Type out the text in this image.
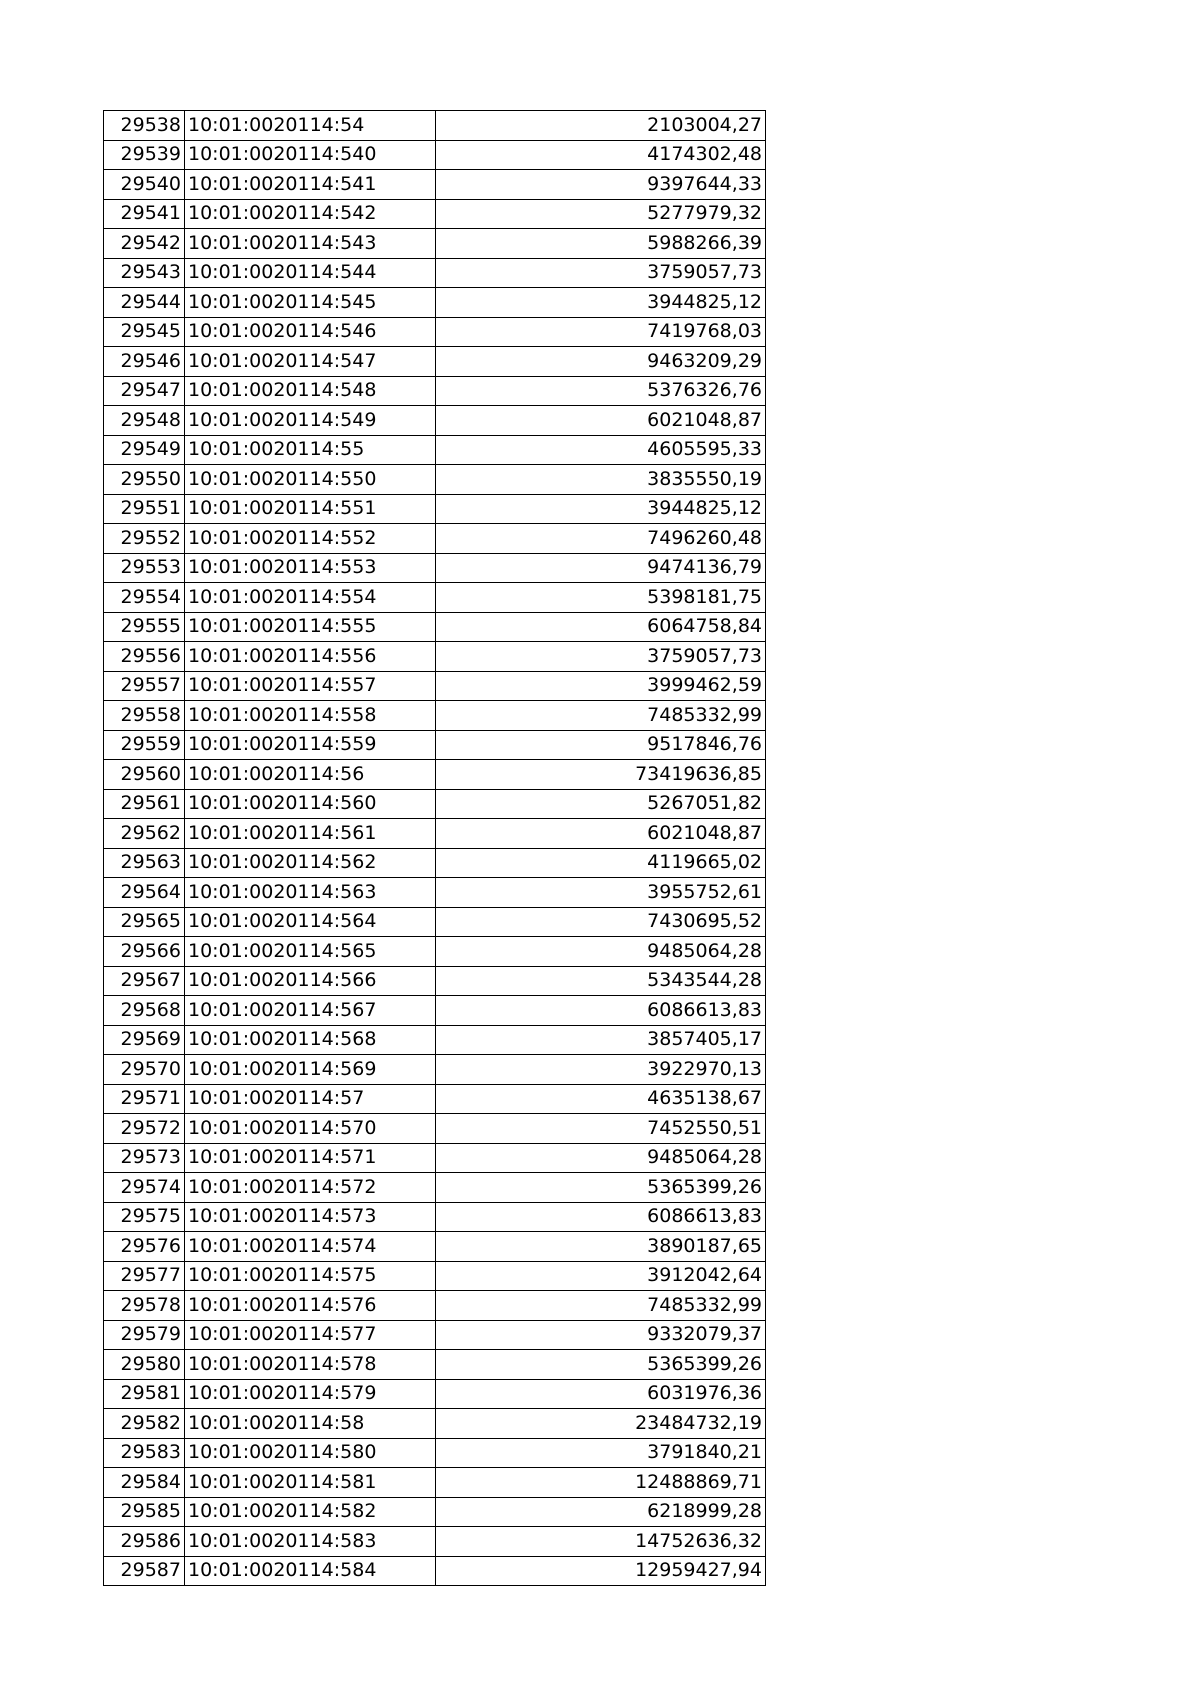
29538	10:01:0020114:54	2103004,27
29539	10:01:0020114:540	4174302,48
29540	10:01:0020114:541	9397644,33
29541	10:01:0020114:542	5277979,32
29542	10:01:0020114:543	5988266,39
29543	10:01:0020114:544	3759057,73
29544	10:01:0020114:545	3944825,12
29545	10:01:0020114:546	7419768,03
29546	10:01:0020114:547	9463209,29
29547	10:01:0020114:548	5376326,76
29548	10:01:0020114:549	6021048,87
29549	10:01:0020114:55	4605595,33
29550	10:01:0020114:550	3835550,19
29551	10:01:0020114:551	3944825,12
29552	10:01:0020114:552	7496260,48
29553	10:01:0020114:553	9474136,79
29554	10:01:0020114:554	5398181,75
29555	10:01:0020114:555	6064758,84
29556	10:01:0020114:556	3759057,73
29557	10:01:0020114:557	3999462,59
29558	10:01:0020114:558	7485332,99
29559	10:01:0020114:559	9517846,76
29560	10:01:0020114:56	73419636,85
29561	10:01:0020114:560	5267051,82
29562	10:01:0020114:561	6021048,87
29563	10:01:0020114:562	4119665,02
29564	10:01:0020114:563	3955752,61
29565	10:01:0020114:564	7430695,52
29566	10:01:0020114:565	9485064,28
29567	10:01:0020114:566	5343544,28
29568	10:01:0020114:567	6086613,83
29569	10:01:0020114:568	3857405,17
29570	10:01:0020114:569	3922970,13
29571	10:01:0020114:57	4635138,67
29572	10:01:0020114:570	7452550,51
29573	10:01:0020114:571	9485064,28
29574	10:01:0020114:572	5365399,26
29575	10:01:0020114:573	6086613,83
29576	10:01:0020114:574	3890187,65
29577	10:01:0020114:575	3912042,64
29578	10:01:0020114:576	7485332,99
29579	10:01:0020114:577	9332079,37
29580	10:01:0020114:578	5365399,26
29581	10:01:0020114:579	6031976,36
29582	10:01:0020114:58	23484732,19
29583	10:01:0020114:580	3791840,21
29584	10:01:0020114:581	12488869,71
29585	10:01:0020114:582	6218999,28
29586	10:01:0020114:583	14752636,32
29587	10:01:0020114:584	12959427,94
